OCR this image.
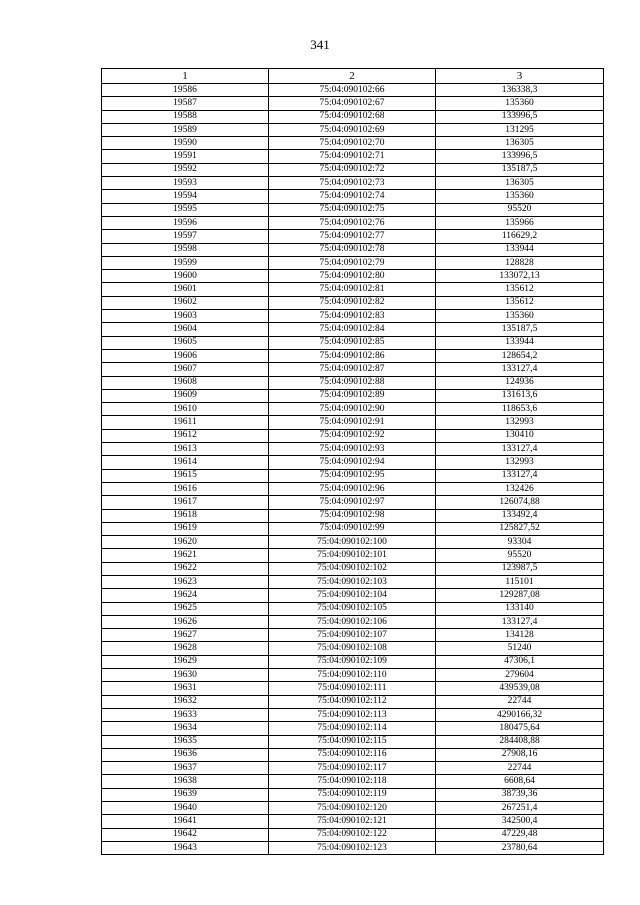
341
1	2	3
19586	75:04:090102:66	136338,3
19587	75:04:090102:67	135360
19588	75:04:090102:68	133996,5
19589	75:04:090102:69	131295
19590	75:04:090102:70	136305
19591	75:04:090102:71	133996,5
19592	75:04:090102:72	135187,5
19593	75:04:090102:73	136305
19594	75:04:090102:74	135360
19595	75:04:090102:75	95520
19596	75:04:090102:76	135966
19597	75:04:090102:77	116629,2
19598	75:04:090102:78	133944
19599	75:04:090102:79	128828
19600	75:04:090102:80	133072,13
19601	75:04:090102:81	135612
19602	75:04:090102:82	135612
19603	75:04:090102:83	135360
19604	75:04:090102:84	135187,5
19605	75:04:090102:85	133944
19606	75:04:090102:86	128654,2
19607	75:04:090102:87	133127,4
19608	75:04:090102:88	124936
19609	75:04:090102:89	131613,6
19610	75:04:090102:90	118653,6
19611	75:04:090102:91	132993
19612	75:04:090102:92	130410
19613	75:04:090102:93	133127,4
19614	75:04:090102:94	132993
19615	75:04:090102:95	133127,4
19616	75:04:090102:96	132426
19617	75:04:090102:97	126074,88
19618	75:04:090102:98	133492,4
19619	75:04:090102:99	125827,52
19620	75:04:090102:100	93304
19621	75:04:090102:101	95520
19622	75:04:090102:102	123987,5
19623	75:04:090102:103	115101
19624	75:04:090102:104	129287,08
19625	75:04:090102:105	133140
19626	75:04:090102:106	133127,4
19627	75:04:090102:107	134128
19628	75:04:090102:108	51240
19629	75:04:090102:109	47306,1
19630	75:04:090102:110	279604
19631	75:04:090102:111	439539,08
19632	75:04:090102:112	22744
19633	75:04:090102:113	4290166,32
19634	75:04:090102:114	180475,64
19635	75:04:090102:115	284408,88
19636	75:04:090102:116	27908,16
19637	75:04:090102:117	22744
19638	75:04:090102:118	6608,64
19639	75:04:090102:119	38739,36
19640	75:04:090102:120	267251,4
19641	75:04:090102:121	342500,4
19642	75:04:090102:122	47229,48
19643	75:04:090102:123	23780,64
